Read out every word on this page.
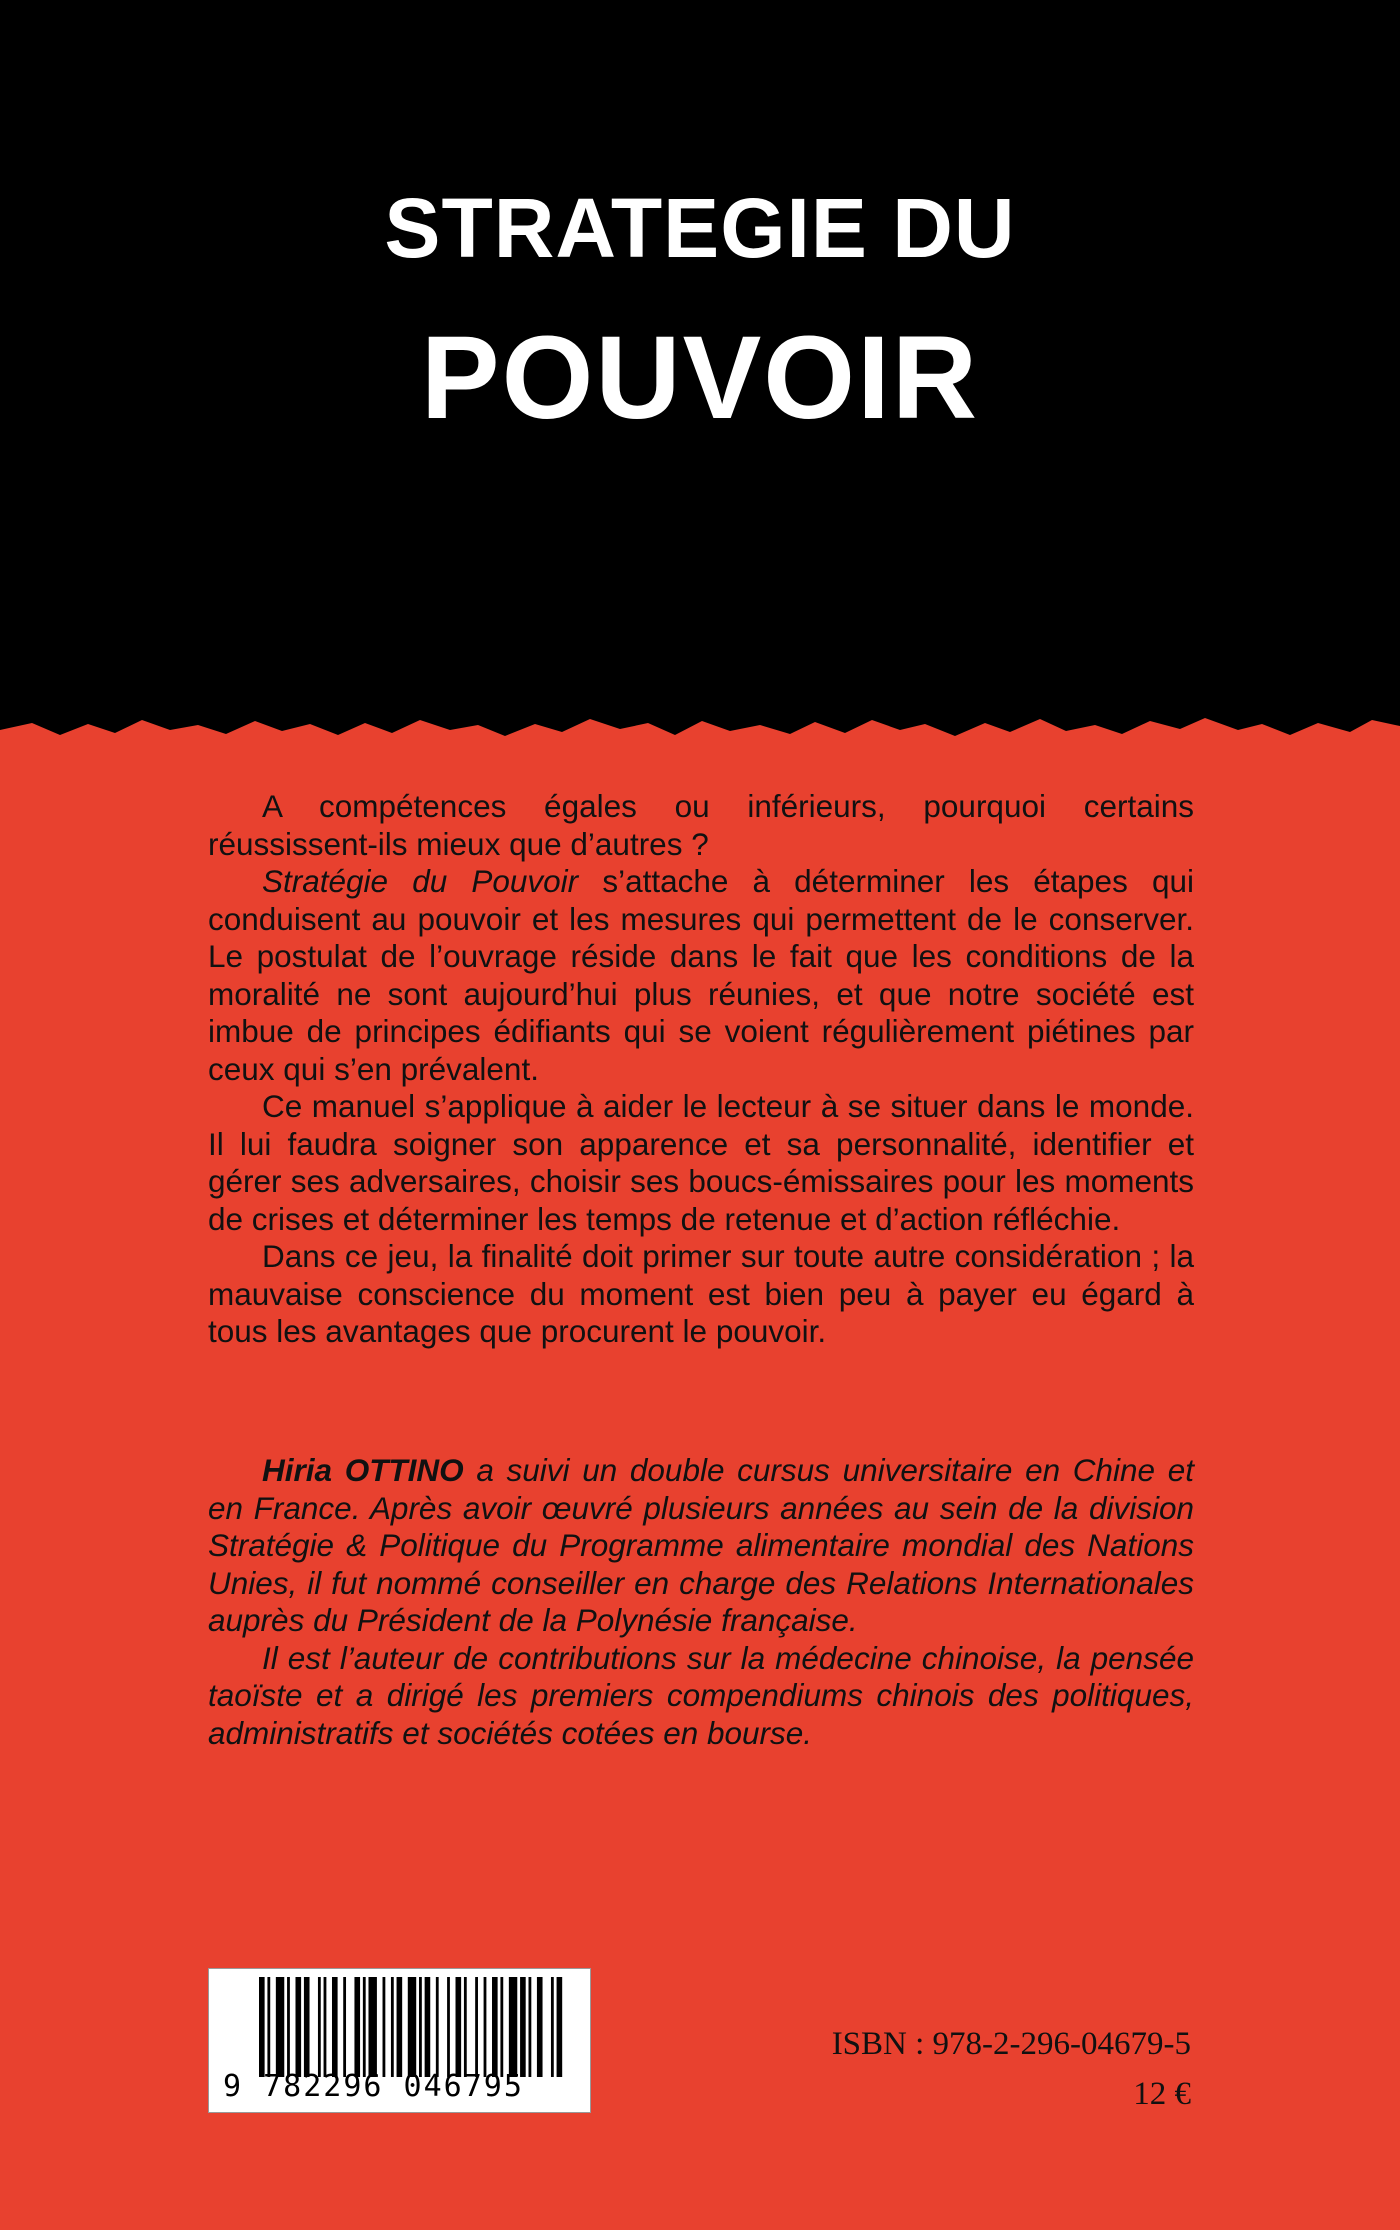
STRATEGIE DU
POUVOIR

A compétences égales ou inférieurs, pourquoi certains réussissent-ils mieux que d’autres ?

Stratégie du Pouvoir s’attache à déterminer les étapes qui conduisent au pouvoir et les mesures qui permettent de le conserver. Le postulat de l’ouvrage réside dans le fait que les conditions de la moralité ne sont aujourd’hui plus réunies, et que notre société est imbue de principes édifiants qui se voient régulièrement piétines par ceux qui s’en prévalent.

Ce manuel s’applique à aider le lecteur à se situer dans le monde. Il lui faudra soigner son apparence et sa personnalité, identifier et gérer ses adversaires, choisir ses boucs-émissaires pour les moments de crises et déterminer les temps de retenue et d’action réfléchie.

Dans ce jeu, la finalité doit primer sur toute autre considération ; la mauvaise conscience du moment est bien peu à payer eu égard à tous les avantages que procurent le pouvoir.

Hiria OTTINO a suivi un double cursus universitaire en Chine et en France. Après avoir œuvré plusieurs années au sein de la division Stratégie & Politique du Programme alimentaire mondial des Nations Unies, il fut nommé conseiller en charge des Relations Internationales auprès du Président de la Polynésie française.

Il est l’auteur de contributions sur la médecine chinoise, la pensée taoïste et a dirigé les premiers compendiums chinois des politiques, administratifs et sociétés cotées en bourse.

9 782296 046795
ISBN : 978-2-296-04679-5
12 €
